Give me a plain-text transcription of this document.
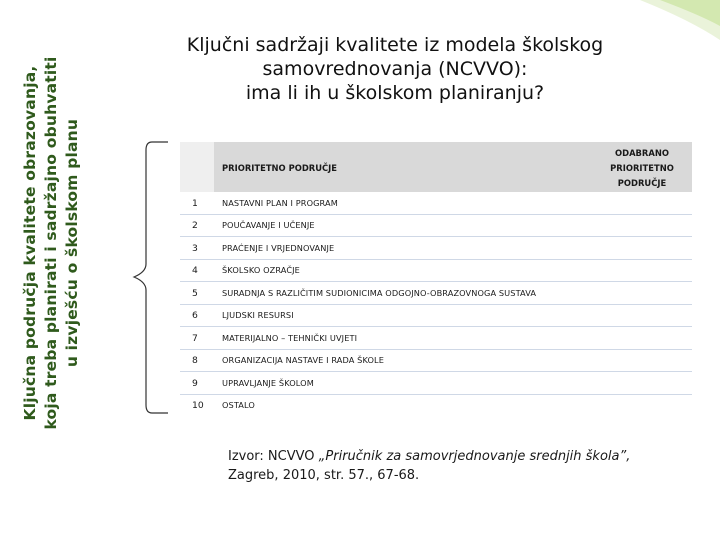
Ključna područja kvalitete obrazovanja, koja treba planirati i sadržajno obuhvatiti u izvješću o školskom planu
Ključni sadržaji kvalitete iz modela školskog
samovrednovanja (NCVVO):
ima li ih u školskom planiranju?
PRIORITETNO PODRUČJE
ODABRANO
PRIORITETNO
PODRUČJE
1	NASTAVNI PLAN I PROGRAM
2	POUČAVANJE I UČENJE
3	PRAĆENJE I VRJEDNOVANJE
4	ŠKOLSKO OZRAČJE
5	SURADNJA S RAZLIČITIM SUDIONICIMA ODGOJNO-OBRAZOVNOGA SUSTAVA
6	LJUDSKI RESURSI
7	MATERIJALNO – TEHNIČKI UVJETI
8	ORGANIZACIJA NASTAVE I RADA ŠKOLE
9	UPRAVLJANJE ŠKOLOM
10 OSTALO
Izvor: NCVVO „Priručnik za samovrjednovanje srednjih škola”,
Zagreb, 2010, str. 57., 67-68.
